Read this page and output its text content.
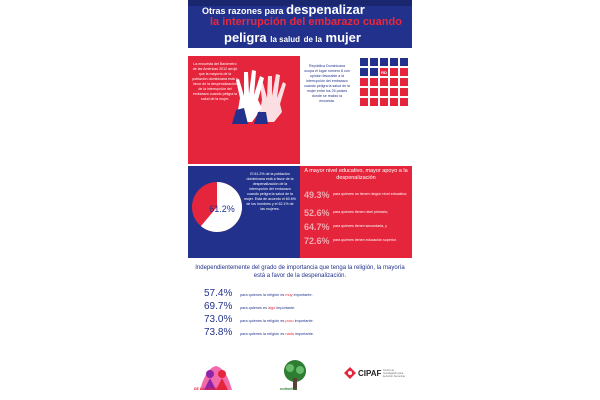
Otras razones para despenalizar
la interrupción del embarazo cuando
peligra la salud de la mujer
La encuesta del Barómetro de las Américas 2012 arrojó que la mayoría de la población dominicana está a favor de la despenalización de la interrupción del embarazo cuando peligra la salud de la mujer.
República Dominicana ocupa el lugar número 8 con opinión favorable a la interrupción del embarazo cuando peligra la salud de la mujer entre los 25 países donde se realizó la encuesta.
RD
61.2%
El 61.2% de la población dominicana está a favor de la despenalización de la interrupción del embarazo cuando peligra la salud de la mujer. Está de acuerdo el 60.6% de los hombres y el 62.1% de las mujeres.
A mayor nivel educativo, mayor apoyo a la despenalización
49.3% para quienes no tienen ningún nivel educativo;
52.6% para quienes tienen nivel primario;
64.7% para quienes tienen secundaria, y
72.6% para quienes tienen educación superior.
Independientemente del grado de importancia que tenga la religión, la mayoría está a favor de la despenalización.
57.4%	para quienes la religión es muy importante.
69.7%	para quienes es algo importante.
73.0%	para quienes la religión es poco importante.
73.8%	para quienes la religión es nada importante.
DE LAS MUJERES	colectiva
CIPAF Centro de Investigación para la Acción Femenina
